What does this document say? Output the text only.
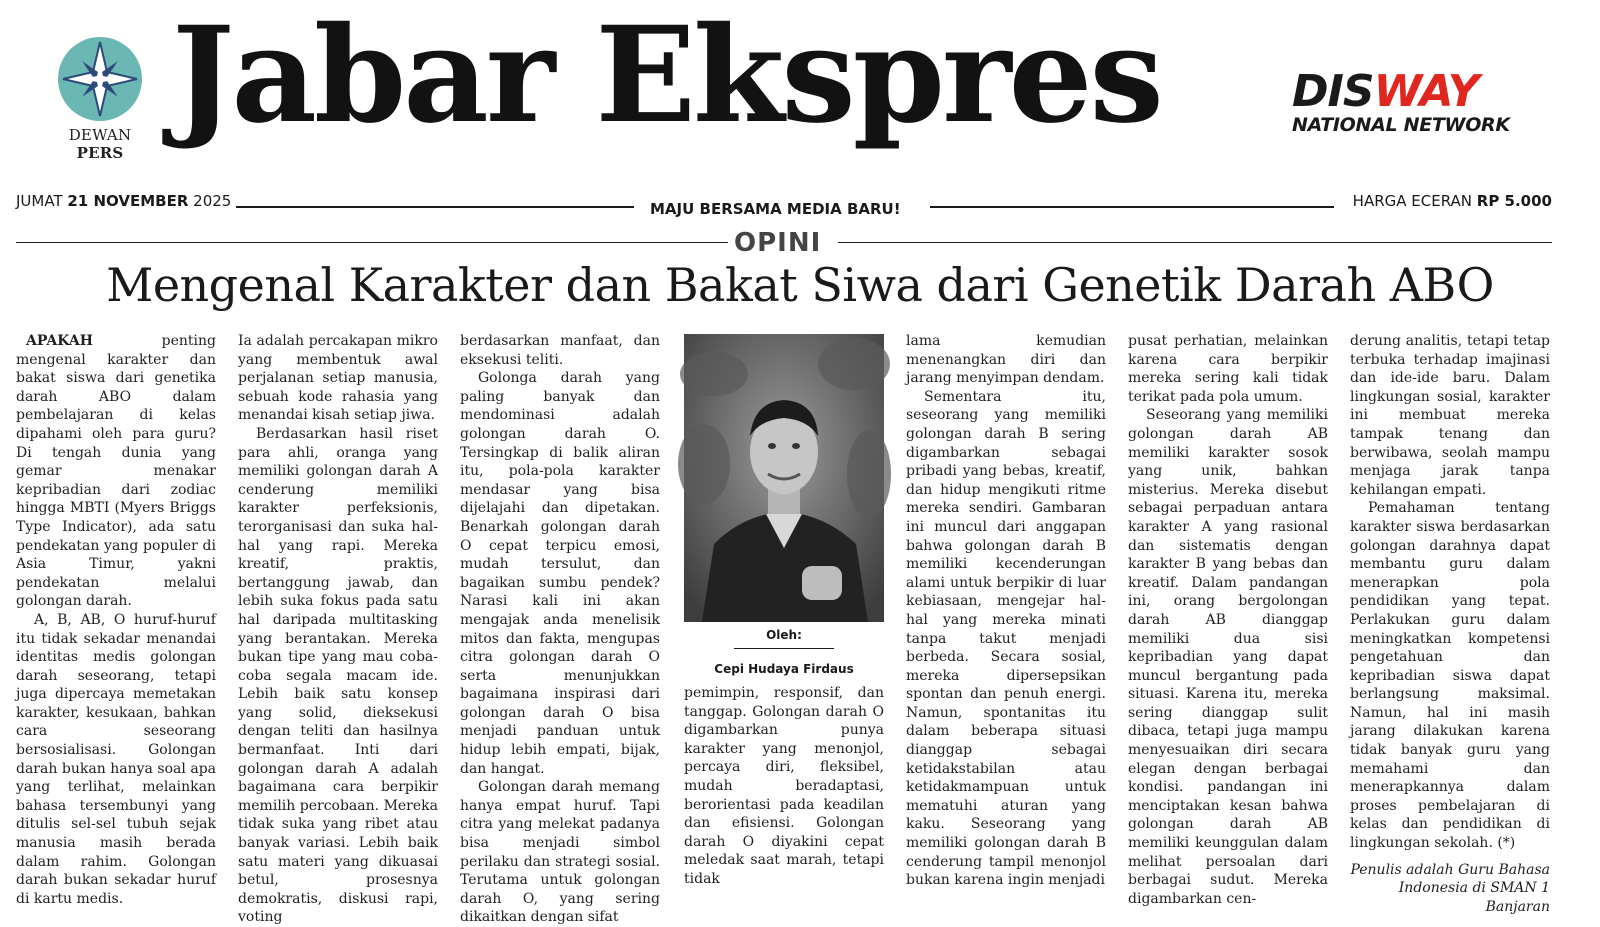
DEWAN PERS Jabar Ekspres	DISWAY
NATIONAL NETWORK
JUMAT 21 NOVEMBER 2025	MAJU BERSAMA MEDIA BARU!	HARGA ECERAN RP 5.000
OPINI
Mengenal Karakter dan Bakat Siwa dari Genetik Darah ABO

APAKAH penting mengenal karakter dan bakat siswa dari genetika darah ABO dalam pembelajaran di kelas dipahami oleh para guru? Di tengah dunia yang gemar menakar kepribadian dari zodiac hingga MBTI (Myers Briggs Type Indicator), ada satu pendekatan yang populer di Asia Timur, yakni pendekatan melalui golongan darah.

A, B, AB, O huruf-huruf itu tidak sekadar menandai identitas medis golongan darah seseorang, tetapi juga dipercaya memetakan karakter, kesukaan, bahkan cara seseorang bersosialisasi. Golongan darah bukan hanya soal apa yang terlihat, melainkan bahasa tersembunyi yang ditulis sel-sel tubuh sejak manusia masih berada dalam rahim. Golongan darah bukan sekadar huruf di kartu medis.

Ia adalah percakapan mikro yang membentuk awal perjalanan setiap manusia, sebuah kode rahasia yang menandai kisah setiap jiwa.

Berdasarkan hasil riset para ahli, oranga yang memiliki golongan darah A cenderung memiliki karakter perfeksionis, terorganisasi dan suka hal-hal yang rapi. Mereka kreatif, praktis, bertanggung jawab, dan lebih suka fokus pada satu hal daripada multitasking yang berantakan. Mereka bukan tipe yang mau coba-coba segala macam ide. Lebih baik satu konsep yang solid, dieksekusi dengan teliti dan hasilnya bermanfaat. Inti dari golongan darah A adalah bagaimana cara berpikir memilih percobaan. Mereka tidak suka yang ribet atau banyak variasi. Lebih baik satu materi yang dikuasai betul, prosesnya demokratis, diskusi rapi, voting

berdasarkan manfaat, dan eksekusi teliti.

Golonga darah yang paling banyak dan mendominasi adalah golongan darah O. Tersingkap di balik aliran itu, pola-pola karakter mendasar yang bisa dijelajahi dan dipetakan. Benarkah golongan darah O cepat terpicu emosi, mudah tersulut, dan bagaikan sumbu pendek? Narasi kali ini akan mengajak anda menelisik mitos dan fakta, mengupas citra golongan darah O serta menunjukkan bagaimana inspirasi dari golongan darah O bisa menjadi panduan untuk hidup lebih empati, bijak, dan hangat.

Golongan darah memang hanya empat huruf. Tapi citra yang melekat padanya bisa menjadi simbol perilaku dan strategi sosial. Terutama untuk golongan darah O, yang sering dikaitkan dengan sifat

Oleh:
Cepi Hudaya Firdaus

pemimpin, responsif, dan tanggap. Golongan darah O digambarkan punya karakter yang menonjol, percaya diri, fleksibel, mudah beradaptasi, berorientasi pada keadilan dan efisiensi. Golongan darah O diyakini cepat meledak saat marah, tetapi tidak

lama kemudian menenangkan diri dan jarang menyimpan dendam.

Sementara itu, seseorang yang memiliki golongan darah B sering digambarkan sebagai pribadi yang bebas, kreatif, dan hidup mengikuti ritme mereka sendiri. Gambaran ini muncul dari anggapan bahwa golongan darah B memiliki kecenderungan alami untuk berpikir di luar kebiasaan, mengejar hal-hal yang mereka minati tanpa takut menjadi berbeda. Secara sosial, mereka dipersepsikan spontan dan penuh energi. Namun, spontanitas itu dalam beberapa situasi dianggap sebagai ketidakstabilan atau ketidakmampuan untuk mematuhi aturan yang kaku. Seseorang yang memiliki golongan darah B cenderung tampil menonjol bukan karena ingin menjadi

pusat perhatian, melainkan karena cara berpikir mereka sering kali tidak terikat pada pola umum.

Seseorang yang memiliki golongan darah AB memiliki karakter sosok yang unik, bahkan misterius. Mereka disebut sebagai perpaduan antara karakter A yang rasional dan sistematis dengan karakter B yang bebas dan kreatif. Dalam pandangan ini, orang bergolongan darah AB dianggap memiliki dua sisi kepribadian yang dapat muncul bergantung pada situasi. Karena itu, mereka sering dianggap sulit dibaca, tetapi juga mampu menyesuaikan diri secara elegan dengan berbagai kondisi. pandangan ini menciptakan kesan bahwa golongan darah AB memiliki keunggulan dalam melihat persoalan dari berbagai sudut. Mereka digambarkan cen-

derung analitis, tetapi tetap terbuka terhadap imajinasi dan ide-ide baru. Dalam lingkungan sosial, karakter ini membuat mereka tampak tenang dan berwibawa, seolah mampu menjaga jarak tanpa kehilangan empati.

Pemahaman tentang karakter siswa berdasarkan golongan darahnya dapat membantu guru dalam menerapkan pola pendidikan yang tepat. Perlakukan guru dalam meningkatkan kompetensi pengetahuan dan kepribadian siswa dapat berlangsung maksimal. Namun, hal ini masih jarang dilakukan karena tidak banyak guru yang memahami dan menerapkannya dalam proses pembelajaran di kelas dan pendidikan di lingkungan sekolah. (*)

Penulis adalah Guru Bahasa Indonesia di SMAN 1 Banjaran
